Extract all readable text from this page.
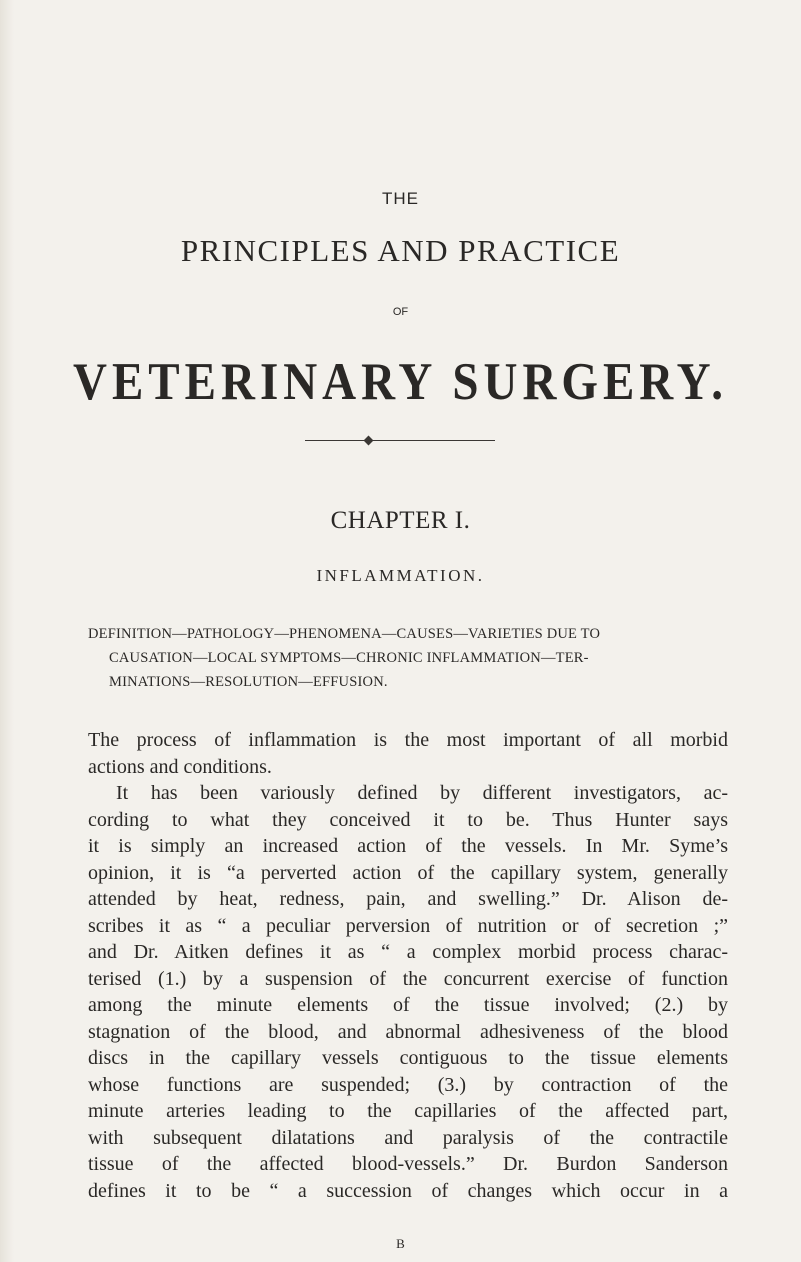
THE
PRINCIPLES AND PRACTICE
OF
VETERINARY SURGERY.
CHAPTER I.
INFLAMMATION.
DEFINITION—PATHOLOGY—PHENOMENA—CAUSES—VARIETIES DUE TO
CAUSATION—LOCAL SYMPTOMS—CHRONIC INFLAMMATION—TER-
MINATIONS—RESOLUTION—EFFUSION.
The process of inflammation is the most important of all morbid
actions and conditions.
It has been variously defined by different investigators, ac-
cording to what they conceived it to be. Thus Hunter says
it is simply an increased action of the vessels. In Mr. Syme’s
opinion, it is “a perverted action of the capillary system, generally
attended by heat, redness, pain, and swelling.” Dr. Alison de-
scribes it as “ a peculiar perversion of nutrition or of secretion ;”
and Dr. Aitken defines it as “ a complex morbid process charac-
terised (1.) by a suspension of the concurrent exercise of function
among the minute elements of the tissue involved; (2.) by
stagnation of the blood, and abnormal adhesiveness of the blood
discs in the capillary vessels contiguous to the tissue elements
whose functions are suspended; (3.) by contraction of the
minute arteries leading to the capillaries of the affected part,
with subsequent dilatations and paralysis of the contractile
tissue of the affected blood-vessels.” Dr. Burdon Sanderson
defines it to be “ a succession of changes which occur in a
B
